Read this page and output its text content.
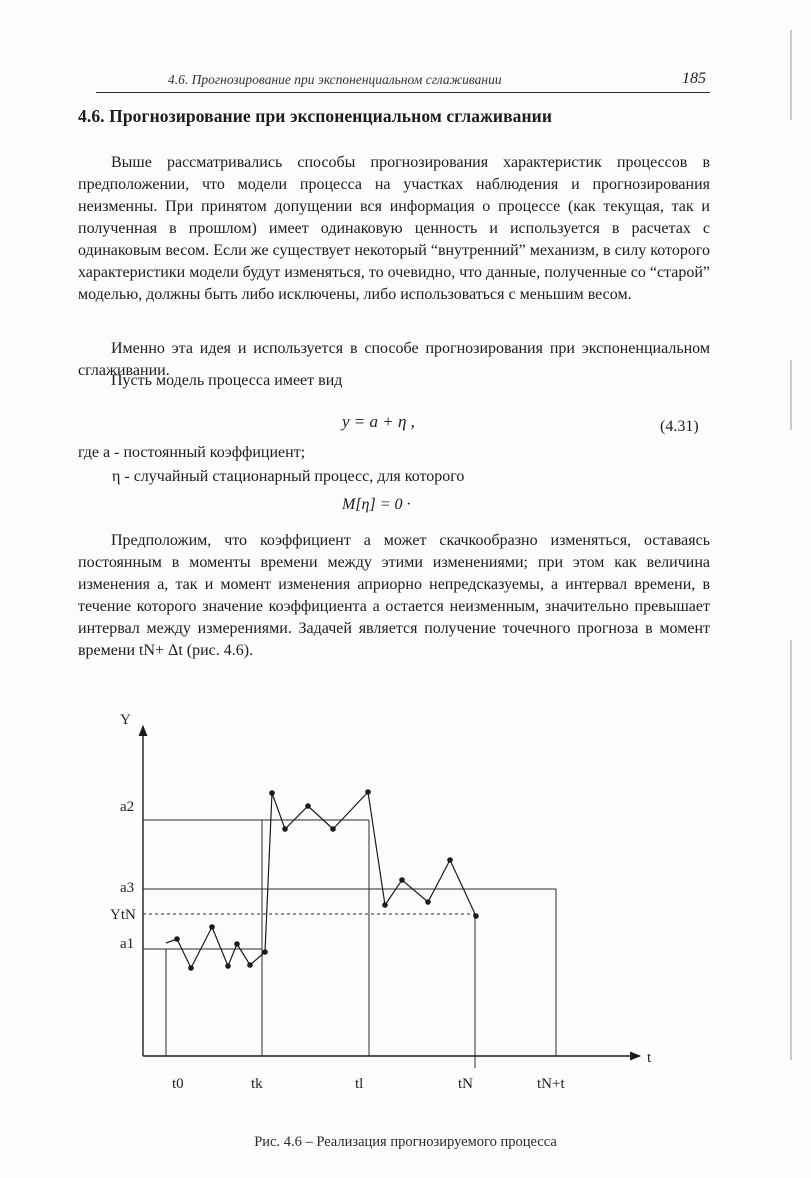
4.6. Прогнозирование при экспоненциальном сглаживании	185
4.6. Прогнозирование при экспоненциальном сглаживании

Выше рассматривались способы прогнозирования характеристик процессов в предположении, что модели процесса на участках наблюдения и прогнозирования неизменны. При принятом допущении вся информация о процессе (как текущая, так и полученная в прошлом) имеет одинаковую ценность и используется в расчетах с одинаковым весом. Если же существует некоторый “внутренний” механизм, в силу которого характеристики модели будут изменяться, то очевидно, что данные, полученные со “старой” моделью, должны быть либо исключены, либо использоваться с меньшим весом.

Именно эта идея и используется в способе прогнозирования при экспоненциальном сглаживании.

Пусть модель процесса имеет вид

y = a + η ,	(4.31)
где a - постоянный коэффициент;
η - случайный стационарный процесс, для которого
M[η] = 0 ·

Предположим, что коэффициент a может скачкообразно изменяться, оставаясь постоянным в моменты времени между этими изменениями; при этом как величина изменения a, так и момент изменения априорно непредсказуемы, а интервал времени, в течение которого значение коэффициента a остается неизменным, значительно превышает интервал между измерениями. Задачей является получение точечного прогноза в момент времени tN+ Δt (рис. 4.6).

Y
t
a2
a3
YtN
a1
t0	tk	tl	tN	tN+t
Рис. 4.6 – Реализация прогнозируемого процесса
